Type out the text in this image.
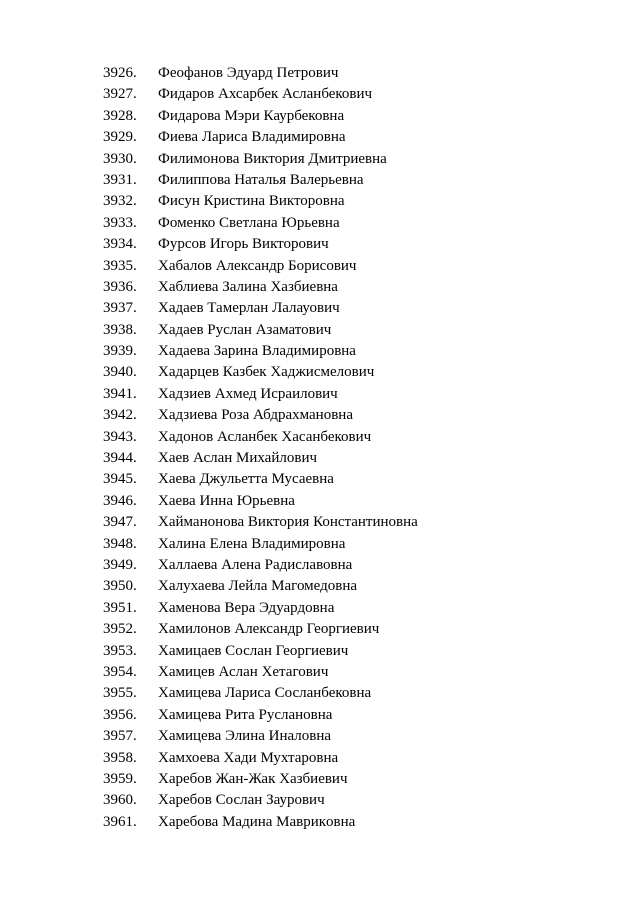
3926.	Феофанов Эдуард Петрович
3927.	Фидаров Ахсарбек Асланбекович
3928.	Фидарова Мэри Каурбековна
3929.	Фиева Лариса Владимировна
3930.	Филимонова Виктория Дмитриевна
3931.	Филиппова Наталья Валерьевна
3932.	Фисун Кристина Викторовна
3933.	Фоменко Светлана Юрьевна
3934.	Фурсов Игорь Викторович
3935.	Хабалов Александр Борисович
3936.	Хаблиева Залина Хазбиевна
3937.	Хадаев Тамерлан Лалауович
3938.	Хадаев Руслан Азаматович
3939.	Хадаева Зарина Владимировна
3940.	Хадарцев Казбек Хаджисмелович
3941.	Хадзиев Ахмед Исраилович
3942.	Хадзиева Роза Абдрахмановна
3943.	Хадонов Асланбек Хасанбекович
3944.	Хаев Аслан Михайлович
3945.	Хаева Джульетта Мусаевна
3946.	Хаева Инна Юрьевна
3947.	Хайманонова Виктория Константиновна
3948.	Халина Елена Владимировна
3949.	Халлаева Алена Радиславовна
3950.	Халухаева Лейла Магомедовна
3951.	Хаменова Вера Эдуардовна
3952.	Хамилонов Александр Георгиевич
3953.	Хамицаев Сослан Георгиевич
3954.	Хамицев Аслан Хетагович
3955.	Хамицева Лариса Сосланбековна
3956.	Хамицева Рита Руслановна
3957.	Хамицева Элина Иналовна
3958.	Хамхоева Хади Мухтаровна
3959.	Харебов Жан-Жак Хазбиевич
3960.	Харебов Сослан Заурович
3961.	Харебова Мадина Маврикoвна
